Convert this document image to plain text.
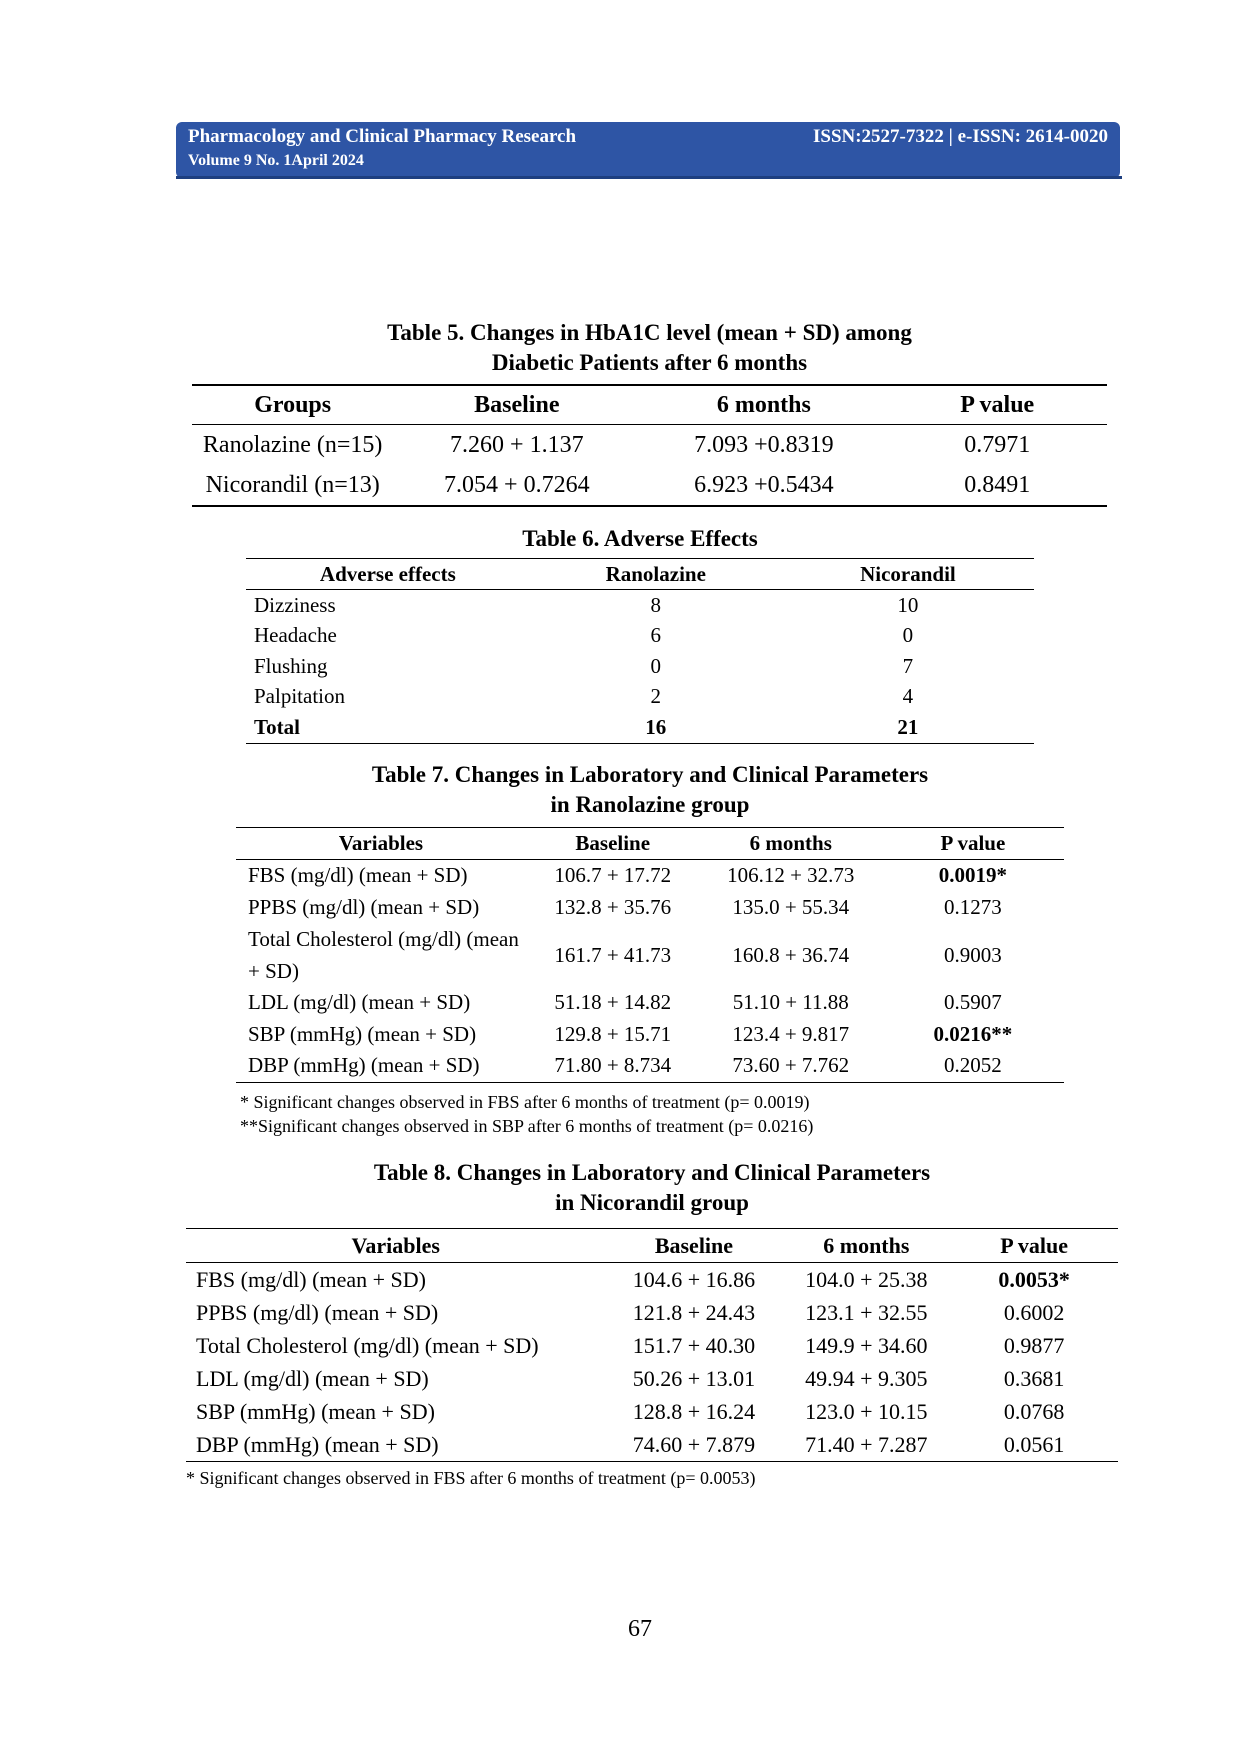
Pharmacology and Clinical Pharmacy Research
Volume 9 No. 1April 2024
ISSN:2527-7322 | e-ISSN: 2614-0020
Table 5. Changes in HbA1C level (mean + SD) among
Diabetic Patients after 6 months
Groups	Baseline	6 months	P value
Ranolazine (n=15)	7.260 + 1.137	7.093 +0.8319	0.7971
Nicorandil (n=13)	7.054 + 0.7264	6.923 +0.5434	0.8491
Table 6. Adverse Effects
Adverse effects	Ranolazine	Nicorandil
Dizziness	8	10
Headache	6	0
Flushing	0	7
Palpitation	2	4
Total	16	21
Table 7. Changes in Laboratory and Clinical Parameters
in Ranolazine group
Variables	Baseline	6 months	P value
FBS (mg/dl) (mean + SD)	106.7 + 17.72	106.12 + 32.73	0.0019*
PPBS (mg/dl) (mean + SD)	132.8 + 35.76	135.0 + 55.34	0.1273
Total Cholesterol (mg/dl) (mean + SD)	161.7 + 41.73	160.8 + 36.74	0.9003
LDL (mg/dl) (mean + SD)	51.18 + 14.82	51.10 + 11.88	0.5907
SBP (mmHg) (mean + SD)	129.8 + 15.71	123.4 + 9.817	0.0216**
DBP (mmHg) (mean + SD)	71.80 + 8.734	73.60 + 7.762	0.2052
* Significant changes observed in FBS after 6 months of treatment (p= 0.0019)
**Significant changes observed in SBP after 6 months of treatment (p= 0.0216)
Table 8. Changes in Laboratory and Clinical Parameters
in Nicorandil group
Variables	Baseline	6 months	P value
FBS (mg/dl) (mean + SD)	104.6 + 16.86	104.0 + 25.38	0.0053*
PPBS (mg/dl) (mean + SD)	121.8 + 24.43	123.1 + 32.55	0.6002
Total Cholesterol (mg/dl) (mean + SD)	151.7 + 40.30	149.9 + 34.60	0.9877
LDL (mg/dl) (mean + SD)	50.26 + 13.01	49.94 + 9.305	0.3681
SBP (mmHg) (mean + SD)	128.8 + 16.24	123.0 + 10.15	0.0768
DBP (mmHg) (mean + SD)	74.60 + 7.879	71.40 + 7.287	0.0561
* Significant changes observed in FBS after 6 months of treatment (p= 0.0053)
67
